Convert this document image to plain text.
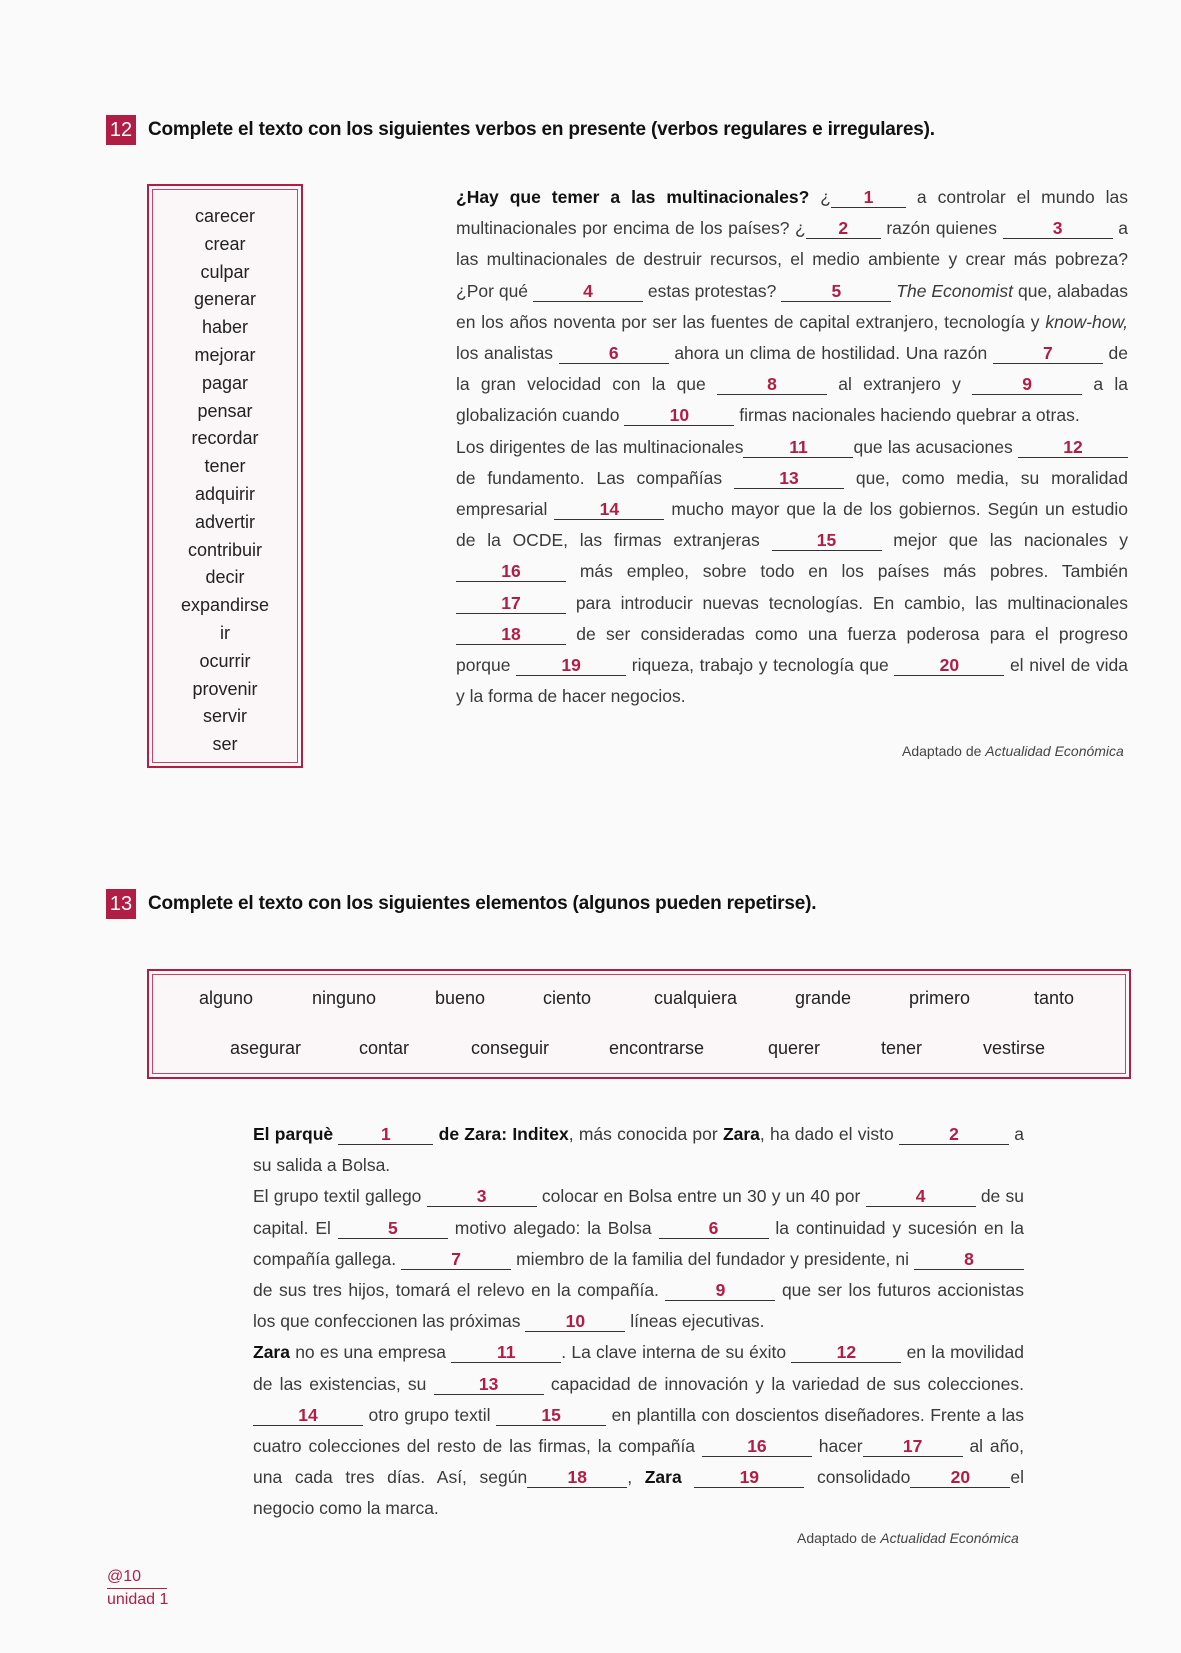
12 Complete el texto con los siguientes verbos en presente (verbos regulares e irregulares).
carecer
crear
culpar
generar
haber
mejorar
pagar
pensar
recordar
tener
adquirir
advertir
contribuir
decir
expandirse
ir
ocurrir
provenir
servir
ser

¿Hay que temer a las multinacionales? ¿ 1 a controlar el mundo las multinacionales por encima de los países? ¿ 2 razón quienes	3	a las multinacionales de destruir recursos, el medio ambiente y crear más pobreza? ¿Por qué	4	estas protestas?	5	The Economist que, alabadas en los años noventa por ser las fuentes de capital extranjero, tecnología y know-how, los analistas	6	ahora un clima de hostilidad. Una razón	7	de la gran velocidad con la que	8	al extranjero y	9	a la globalización cuando	10	firmas nacionales haciendo quebrar a otras.

Los dirigentes de las multinacionales	11	que las acusaciones	12de fundamento. Las compañías	13	que, como media, su moralidad empresarial	14	mucho mayor que la de los gobiernos. Según un estudio de la OCDE, las firmas extranjeras	15	mejor que las nacionales y 16	más empleo, sobre todo en los países más pobres. También 17	para introducir nuevas tecnologías. En cambio, las multinacionales 18	de ser consideradas como una fuerza poderosa para el progreso porque	19	riqueza, trabajo y tecnología que	20	el nivel de vida y la forma de hacer negocios.

Adaptado de Actualidad Económica
13 Complete el texto con los siguientes elementos (algunos pueden repetirse).
alguno	ninguno	bueno	ciento	cualquiera	grande	primero	tanto
asegurar	contar	conseguir	encontrarse	querer	tener	vestirse

El parquè	1	de Zara: Inditex, más conocida por Zara, ha dado el visto	2	a su salida a Bolsa.

El grupo textil gallego	3	colocar en Bolsa entre un 30 y un 40 por	4	de su capital. El	5	motivo alegado: la Bolsa	6	la continuidad y sucesión en la compañía gallega.	7	miembro de la familia del fundador y presidente, ni	8 de sus tres hijos, tomará el relevo en la compañía.	9	que ser los futuros accionistas los que confeccionen las próximas	10	líneas ejecutivas.

Zara no es una empresa	11	. La clave interna de su éxito	12	en la movilidad de las existencias, su	13	capacidad de innovación y la variedad de sus colecciones. 14	otro grupo textil	15	en plantilla con doscientos diseñadores. Frente a las cuatro colecciones del resto de las firmas, la compañía	16	hacer 17	al año, una cada tres días. Así, según 18 , Zara	19	consolidado 20 el negocio como la marca.

Adaptado de Actualidad Económica
@10
unidad 1
